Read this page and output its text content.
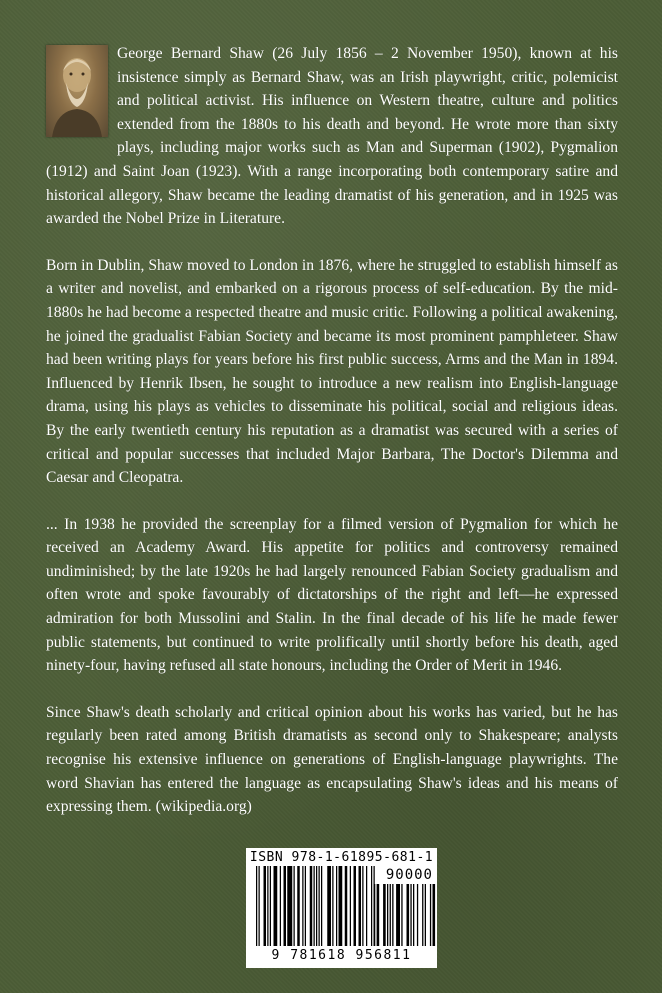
George Bernard Shaw (26 July 1856 – 2 November 1950), known at his insistence simply as Bernard Shaw, was an Irish playwright, critic, polemicist and political activist. His influence on Western theatre, culture and politics extended from the 1880s to his death and beyond. He wrote more than sixty plays, including major works such as Man and Superman (1902), Pygmalion (1912) and Saint Joan (1923). With a range incorporating both contemporary satire and historical allegory, Shaw became the leading dramatist of his generation, and in 1925 was awarded the Nobel Prize in Literature.

Born in Dublin, Shaw moved to London in 1876, where he struggled to establish himself as a writer and novelist, and embarked on a rigorous process of self-education. By the mid-1880s he had become a respected theatre and music critic. Following a political awakening, he joined the gradualist Fabian Society and became its most prominent pamphleteer. Shaw had been writing plays for years before his first public success, Arms and the Man in 1894. Influenced by Henrik Ibsen, he sought to introduce a new realism into English-language drama, using his plays as vehicles to disseminate his political, social and religious ideas. By the early twentieth century his reputation as a dramatist was secured with a series of critical and popular successes that included Major Barbara, The Doctor's Dilemma and Caesar and Cleopatra.

... In 1938 he provided the screenplay for a filmed version of Pygmalion for which he received an Academy Award. His appetite for politics and controversy remained undiminished; by the late 1920s he had largely renounced Fabian Society gradualism and often wrote and spoke favourably of dictatorships of the right and left—he expressed admiration for both Mussolini and Stalin. In the final decade of his life he made fewer public statements, but continued to write prolifically until shortly before his death, aged ninety-four, having refused all state honours, including the Order of Merit in 1946.

Since Shaw's death scholarly and critical opinion about his works has varied, but he has regularly been rated among British dramatists as second only to Shakespeare; analysts recognise his extensive influence on generations of English-language playwrights. The word Shavian has entered the language as encapsulating Shaw's ideas and his means of expressing them. (wikipedia.org)

ISBN 978-1-61895-681-1
90000
9 781618 956811
